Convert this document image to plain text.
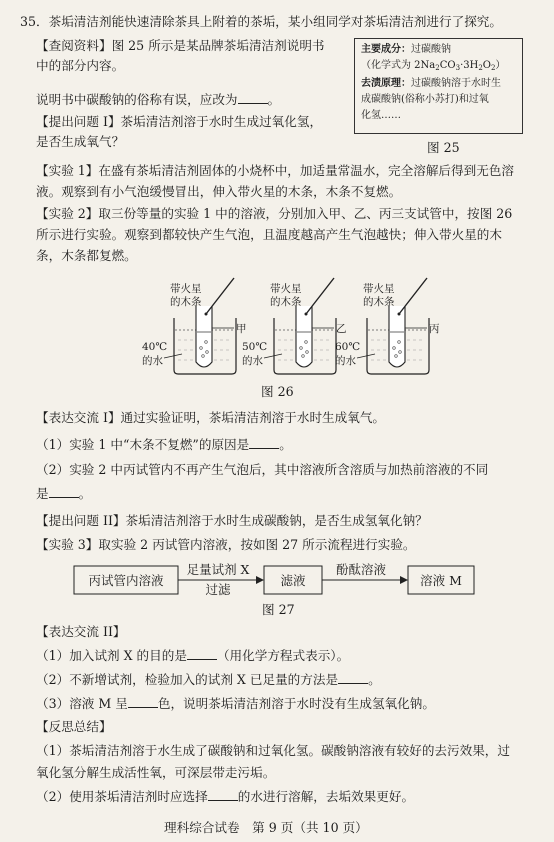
35．茶垢清洁剂能快速清除茶具上附着的茶垢，某小组同学对茶垢清洁剂进行了探究。
【查阅资料】图 25 所示是某品牌茶垢清洁剂说明书
中的部分内容。
说明书中碳酸钠的俗称有误，应改为 。
【提出问题 I】茶垢清洁剂溶于水时生成过氧化氢，
是否生成氧气？
【实验 1】在盛有茶垢清洁剂固体的小烧杯中，加适量常温水，完全溶解后得到无色溶
液。观察到有小气泡缓慢冒出，伸入带火星的木条，木条不复燃。
【实验 2】取三份等量的实验 1 中的溶液，分别加入甲、乙、丙三支试管中，按图 26
所示进行实验。观察到都较快产生气泡，且温度越高产生气泡越快；伸入带火星的木
条，木条都复燃。
主要成分：过碳酸钠
（化学式为 $2Na_2CO_3\cdot 3H_2O_2$）
去渍原理：过碳酸钠溶于水时生
成碳酸钠(俗称小苏打)和过氧
化氢……
图 25
带火星
的木条
甲
40℃
的水
带火星
的木条
乙
50℃
的水
带火星
的木条
丙
60℃
的水
丙试管内溶液
足量试剂 X
过滤
滤液
酚酞溶液
溶液 M
图 26
【表达交流 I】通过实验证明，茶垢清洁剂溶于水时生成氧气。
（1）实验 1 中“木条不复燃”的原因是 。
（2）实验 2 中丙试管内不再产生气泡后，其中溶液所含溶质与加热前溶液的不同
是 。
【提出问题 II】茶垢清洁剂溶于水时生成碳酸钠，是否生成氢氧化钠？
【实验 3】取实验 2 丙试管内溶液，按如图 27 所示流程进行实验。
图 27
【表达交流 II】
（1）加入试剂 X 的目的是 （用化学方程式表示）。
（2）不新增试剂，检验加入的试剂 X 已足量的方法是 。
（3）溶液 M 呈 色，说明茶垢清洁剂溶于水时没有生成氢氧化钠。
【反思总结】
（1）茶垢清洁剂溶于水生成了碳酸钠和过氧化氢。碳酸钠溶液有较好的去污效果，过
氧化氢分解生成活性氧，可深层带走污垢。
（2）使用茶垢清洁剂时应选择 的水进行溶解，去垢效果更好。
理科综合试卷　第 9 页（共 10 页）
